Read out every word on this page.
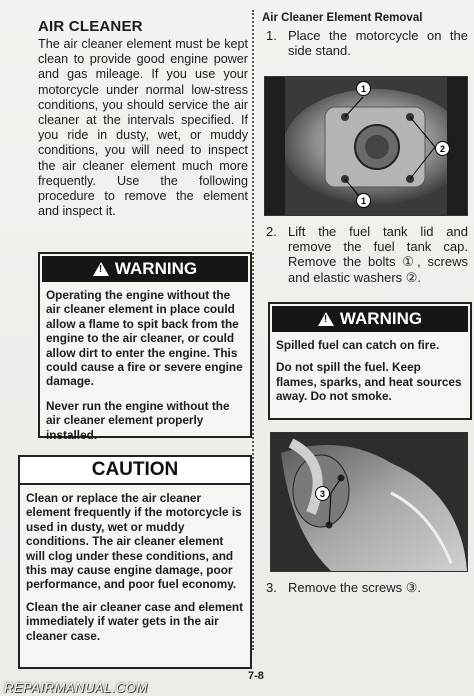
AIR CLEANER

The air cleaner element must be kept clean to provide good engine power and gas mileage. If you use your motorcycle under normal low-stress conditions, you should service the air cleaner at the intervals specified. If you ride in dusty, wet, or muddy conditions, you will need to inspect the air cleaner element much more frequently. Use the following procedure to remove the element and inspect it.

! WARNING

Operating the engine without the air cleaner element in place could allow a flame to spit back from the engine to the air cleaner, or could allow dirt to enter the engine. This could cause a fire or severe engine damage.

Never run the engine without the air cleaner element properly installed.

CAUTION

Clean or replace the air cleaner element frequently if the motorcycle is used in dusty, wet or muddy conditions. The air cleaner element will clog under these conditions, and this may cause engine damage, poor performance, and poor fuel economy.

Clean the air cleaner case and element immediately if water gets in the air cleaner case.

Air Cleaner Element Removal

1. Place the motorcycle on the side stand.
1
2
1
2. Lift the fuel tank lid and remove the fuel tank cap. Remove the bolts ①, screws and elastic washers ②.
! WARNING

Spilled fuel can catch on fire.

Do not spill the fuel. Keep flames, sparks, and heat sources away. Do not smoke.

3
3. Remove the screws ③.
7-8
REPAIRMANUAL.COM
